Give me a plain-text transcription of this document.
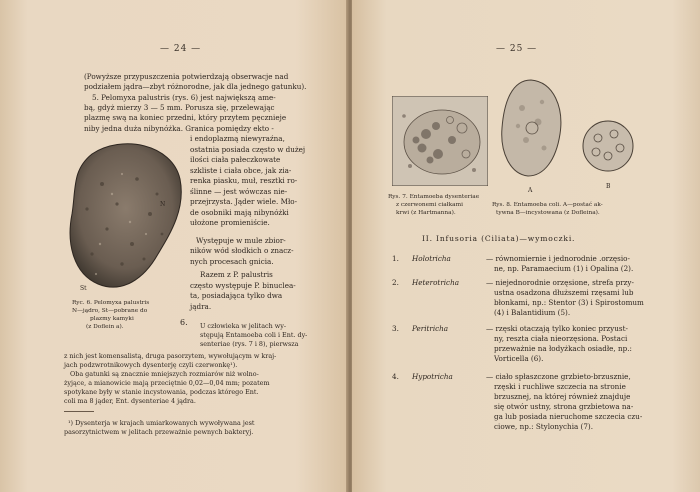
— 24 —
(Powyższe przypuszczenia potwierdzają obserwacje nad
podziałem jądra—zbyt różnorodne, jak dla jednego gatunku).
5. Pelomyxa palustris (rys. 6) jest największą ame-
bą, gdyż mierzy 3 — 5 mm. Porusza się, przelewając
plazmę swą na koniec przedni, który przytem pęcznieje
niby jedna duża nibynóżka. Granica pomiędzy ekto -
N
St
Ryc. 6. Pelomyxa palustris
N—jądro, St—pobrane do
plazmy kamyki
(z Doflein a).
i endoplazmą niewyraźna,
ostatnia posiada często w dużej
ilości ciała pałeczkowate
szkliste i ciała obce, jak zia-
renka piasku, muł, resztki ro-
ślinne — jest wówczas nie-
przejrzysta. Jąder wiele. Mło-
de osobniki mają nibynóżki
ułożone promieniście.
Występuje w mule zbior-
ników wód słodkich o znacz-
nych procesach gnicia.
Razem z P. palustris
często występuje P. binuclea-
ta, posiadająca tylko dwa
jądra.
6. U człowieka w jelitach wy-
stępują Entamoeba coli i Ent. dy-
senteriae (rys. 7 i 8), pierwsza
z nich jest komensalistą, druga pasorzytem, wywołującym w kraj-
jach podzwrotnikowych dysenterję czyli czerwonkę¹).
Oba gatunki są znacznie mniejszych rozmiarów niż wolno-
żyjące, a mianowicie mają przeciętnie 0,02—0,04 mm; pozatem
spotykane były w stanie incystowania, podczas którego Ent.
coli ma 8 jąder, Ent. dysenteriae 4 jądra.
¹) Dysenterja w krajach umiarkowanych wywoływana jest
pasorzytnictwem w jelitach przeważnie pewnych bakteryj.
— 25 —
A
B
Rys. 7. Entamoeba dysenteriae
z czerwonemi ciałkami
krwi (z Hartmanna).
Rys. 8. Entamoeba coli. A—postać ak-
tywna B—incystowana (z Dofleina).
II. Infusoria (Ciliata)—wymoczki.
1. Holotricha	— równomiernie i jednorodnie .orzęsio-
ne, np. Paramaecium (1) i Opalina (2).
2. Heterotricha	— niejednorodnie orzęsione, strefa przy-
ustna osadzona dłuższemi rzęsami lub
błonkami, np.: Stentor (3) i Spirostomum
(4) i Balantidium (5).
3. Peritricha	— rzęski otaczają tylko koniec przyust-
ny, reszta ciała nieorzęsiona. Postaci
przeważnie na łodyżkach osiadłe, np.:
Vorticella (6).
4. Hypotricha	— ciało spłaszczone grzbieto-brzusznie,
rzęski i ruchliwe szczecia na stronie
brzusznej, na której również znajduje
się otwór ustny, strona grzbietowa na-
ga lub posiada nieruchome szczecia czu-
ciowe, np.: Stylonychia (7).
